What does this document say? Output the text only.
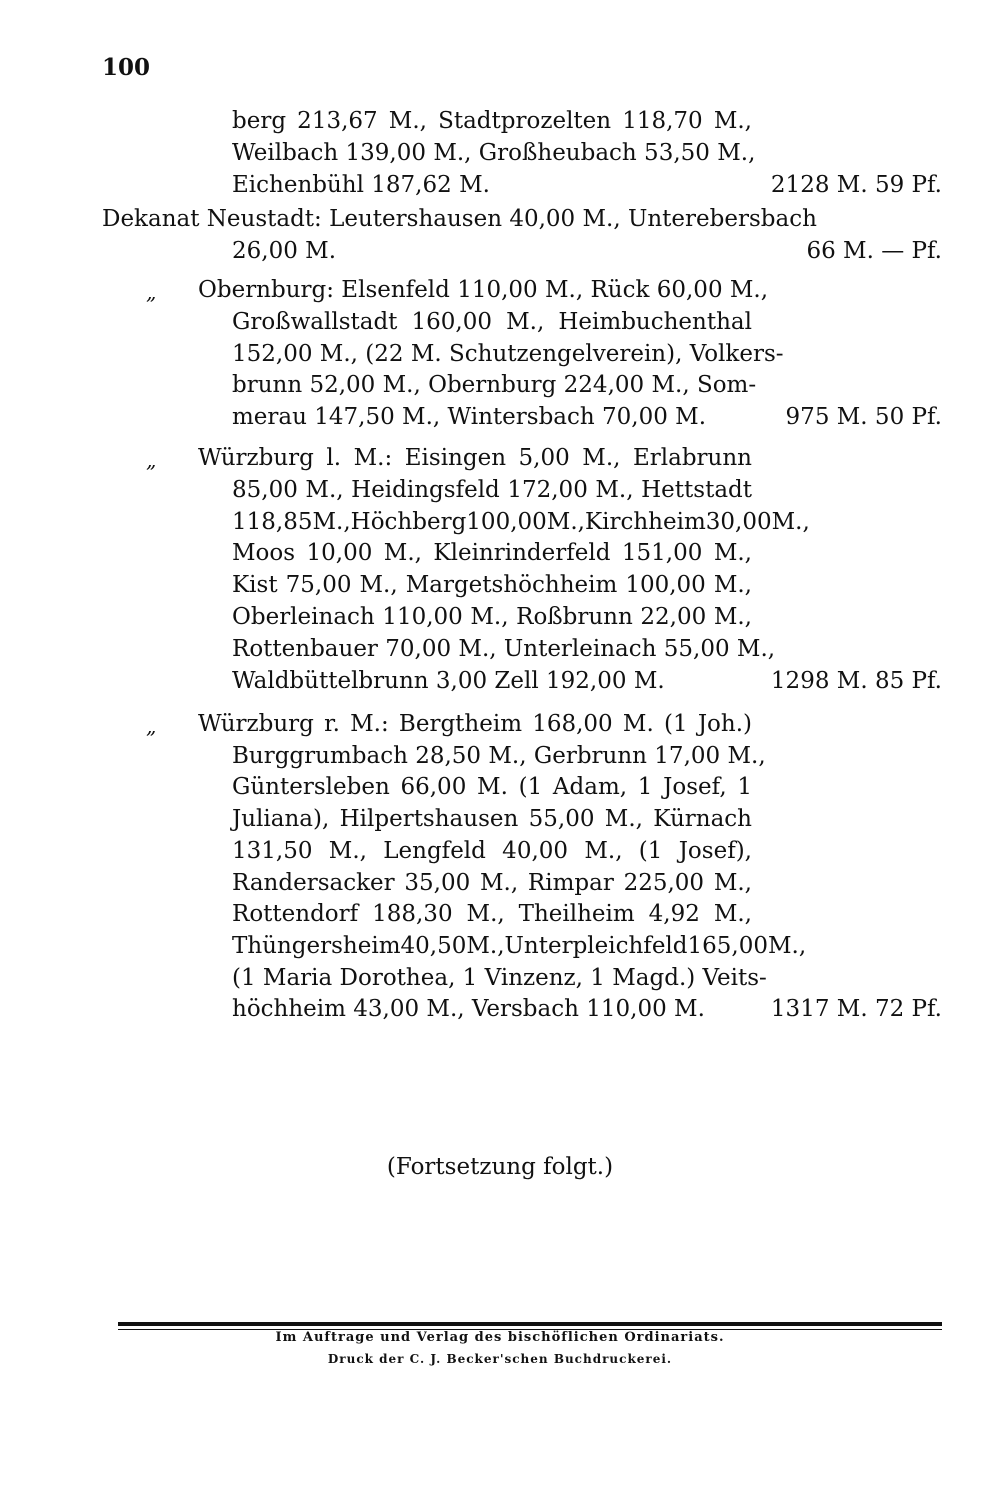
100
berg 213,67 M., Stadtprozelten 118,70 M.,
Weilbach 139,00 M., Großheubach 53,50 M.,
Eichenbühl 187,62 M.	2128 M. 59 Pf.
Dekanat Neustadt: Leutershausen 40,00 M., Unterebersbach
26,00 M.	66 M. — Pf.
„ Obernburg: Elsenfeld 110,00 M., Rück 60,00 M.,
Großwallstadt 160,00 M., Heimbuchenthal
152,00 M., (22 M. Schutzengelverein), Volkers-
brunn 52,00 M., Obernburg 224,00 M., Som-
merau 147,50 M., Wintersbach 70,00 M.	975 M. 50 Pf.
„ Würzburg l. M.: Eisingen 5,00 M., Erlabrunn
85,00 M., Heidingsfeld 172,00 M., Hettstadt
118,85M.,Höchberg100,00M.,Kirchheim30,00M.,
Moos 10,00 M., Kleinrinderfeld 151,00 M.,
Kist 75,00 M., Margetshöchheim 100,00 M.,
Oberleinach 110,00 M., Roßbrunn 22,00 M.,
Rottenbauer 70,00 M., Unterleinach 55,00 M.,
Waldbüttelbrunn 3,00 Zell 192,00 M.	1298 M. 85 Pf.
„ Würzburg r. M.: Bergtheim 168,00 M. (1 Joh.)
Burggrumbach 28,50 M., Gerbrunn 17,00 M.,
Güntersleben 66,00 M. (1 Adam, 1 Josef, 1
Juliana), Hilpertshausen 55,00 M., Kürnach
131,50 M., Lengfeld 40,00 M., (1 Josef),
Randersacker 35,00 M., Rimpar 225,00 M.,
Rottendorf 188,30 M., Theilheim 4,92 M.,
Thüngersheim40,50M.,Unterpleichfeld165,00M.,
(1 Maria Dorothea, 1 Vinzenz, 1 Magd.) Veits-
höchheim 43,00 M., Versbach 110,00 M.	1317 M. 72 Pf.
(Fortsetzung folgt.)
Im Auftrage und Verlag des bischöflichen Ordinariats.
Druck der C. J. Becker'schen Buchdruckerei.
